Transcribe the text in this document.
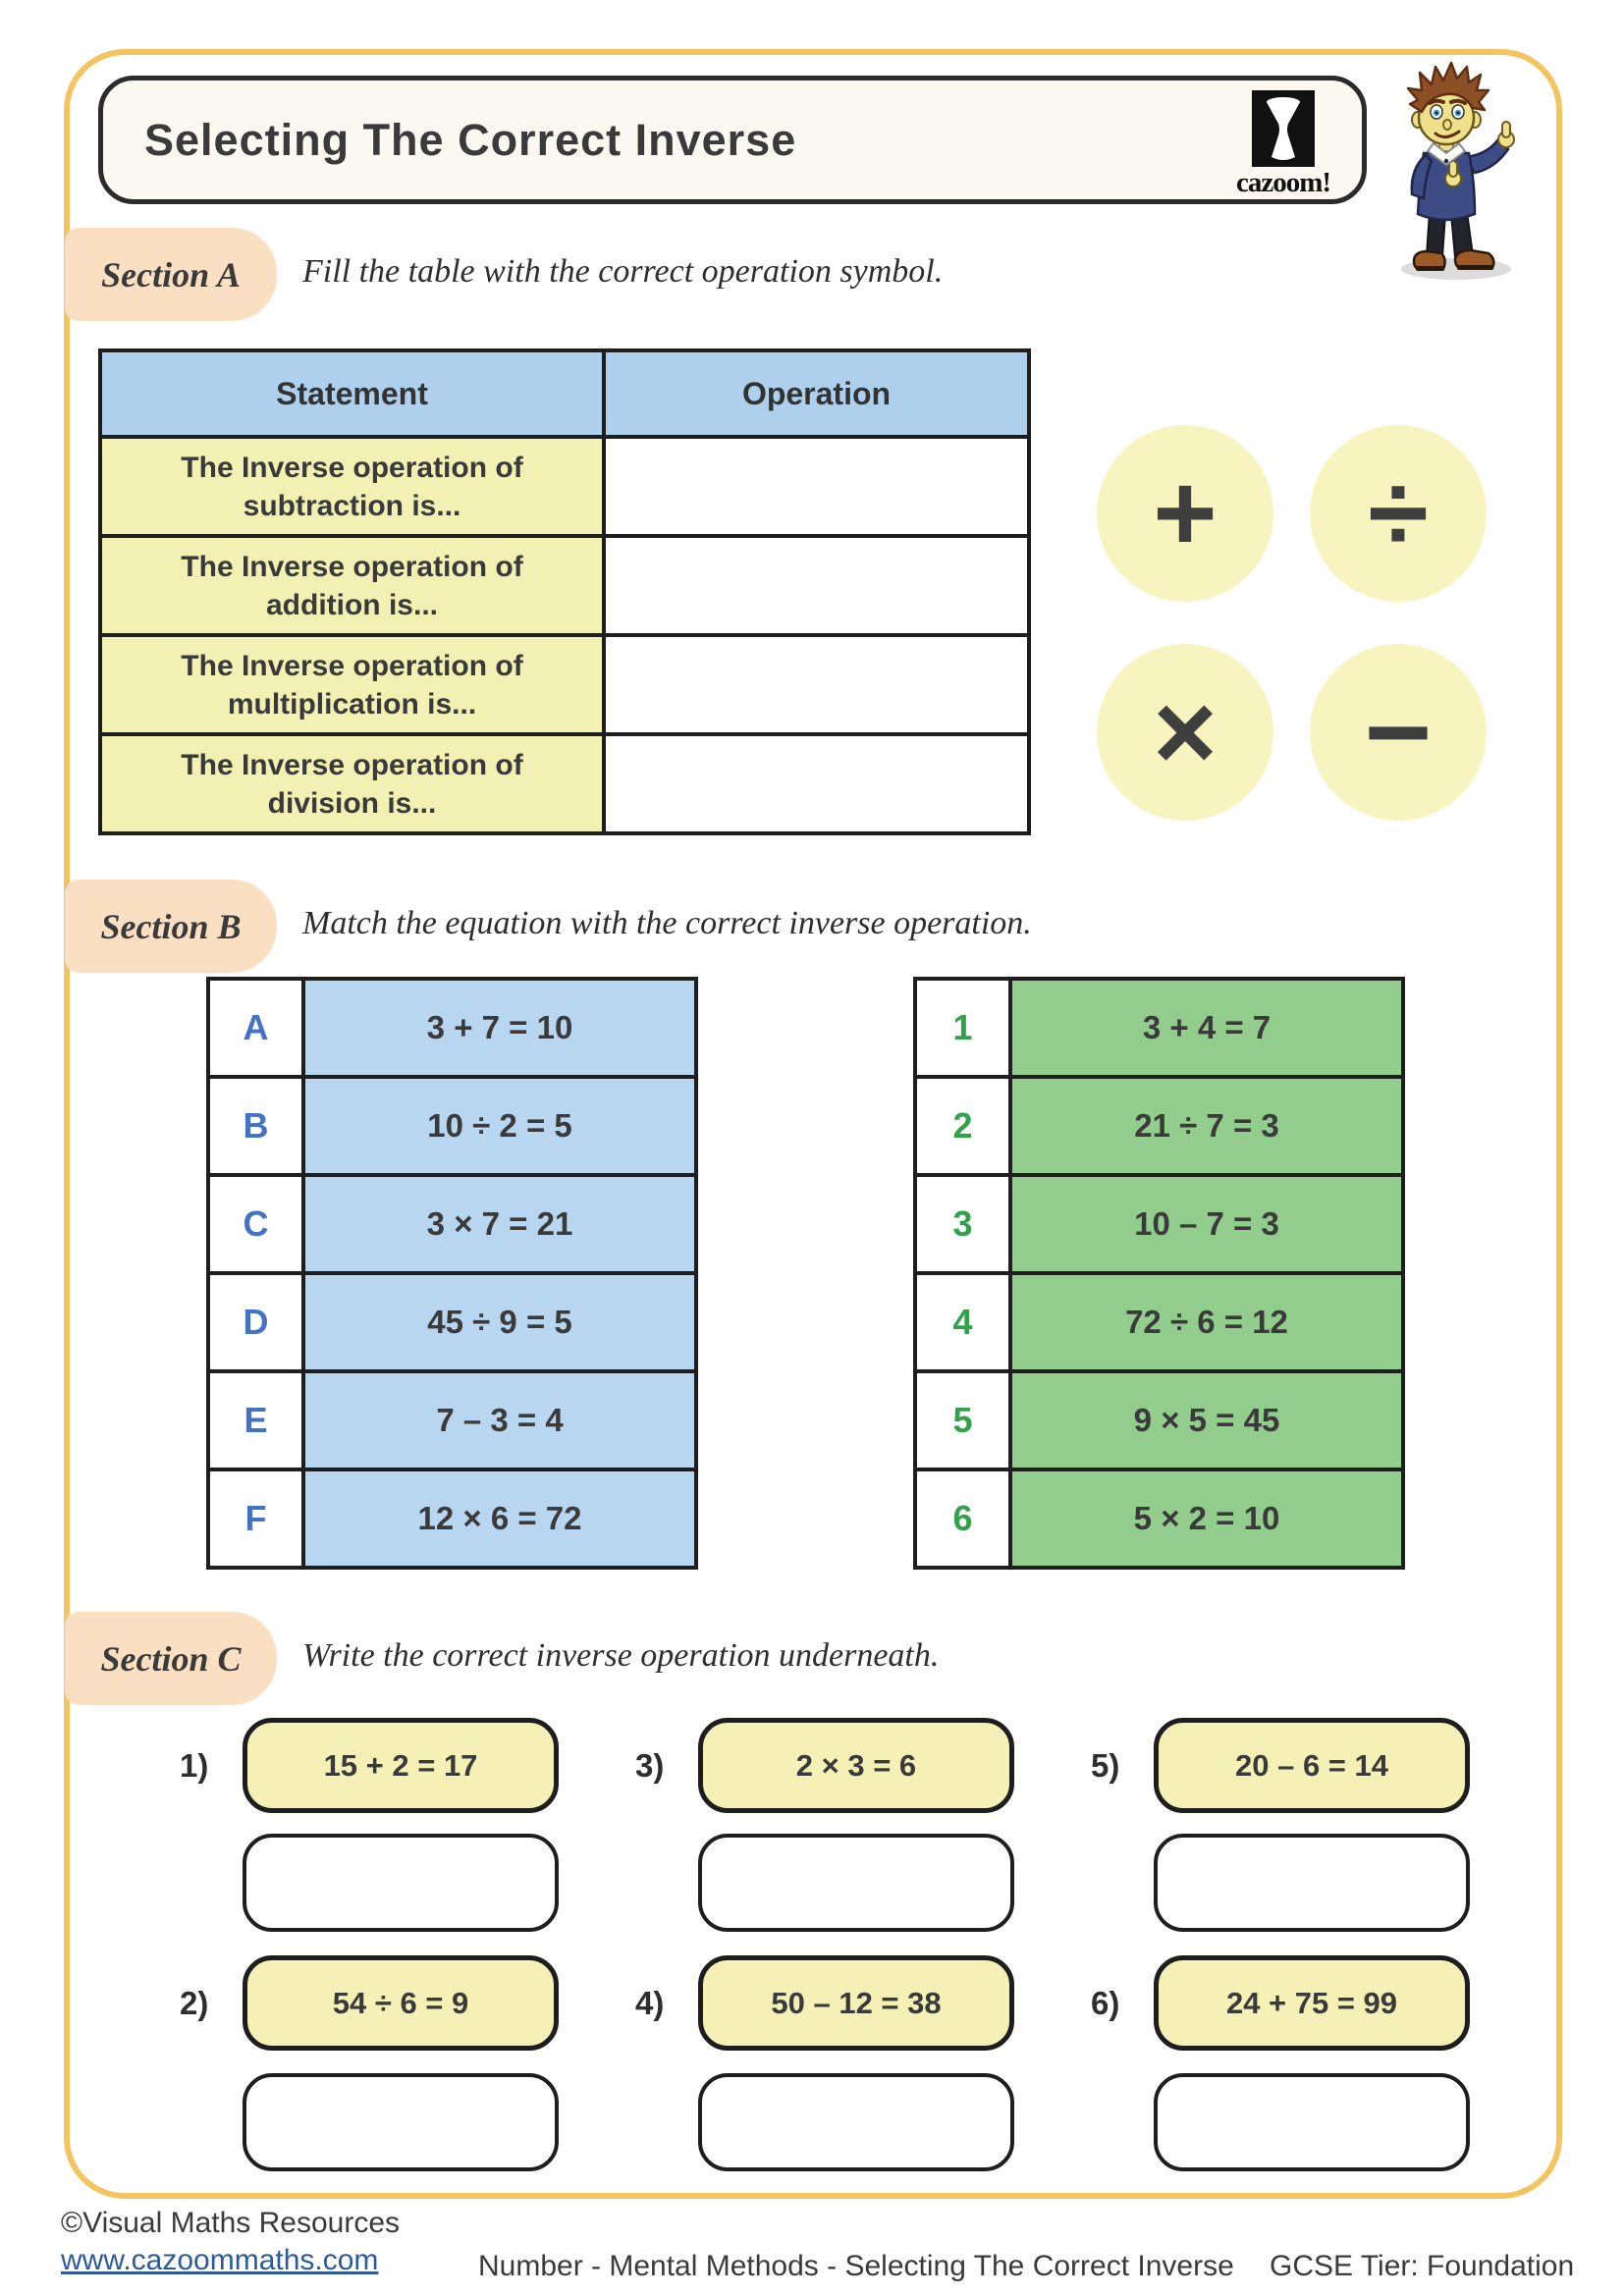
Selecting The Correct Inverse
cazoom!
Section A	Fill the table with the correct operation symbol.
Statement	Operation
The Inverse operation of
subtraction is...	
The Inverse operation of
addition is...	
The Inverse operation of
multiplication is...	
The Inverse operation of
division is...	
+	÷
×	−
Section B	Match the equation with the correct inverse operation.
A	3 + 7 = 10
B	10 ÷ 2 = 5
C	3 × 7 = 21
D	45 ÷ 9 = 5
E	7 – 3 = 4
F	12 × 6 = 72
1	3 + 4 = 7
2	21 ÷ 7 = 3
3	10 – 7 = 3
4	72 ÷ 6 = 12
5	9 × 5 = 45
6	5 × 2 = 10
Section C	Write the correct inverse operation underneath.
1)	15 + 2 = 17
2)	54 ÷ 6 = 9
3)	2 × 3 = 6
4)	50 – 12 = 38
5)	20 – 6 = 14
6)	24 + 75 = 99
©Visual Maths Resources
www.cazoommaths.com	Number - Mental Methods - Selecting The Correct Inverse GCSE Tier: Foundation
